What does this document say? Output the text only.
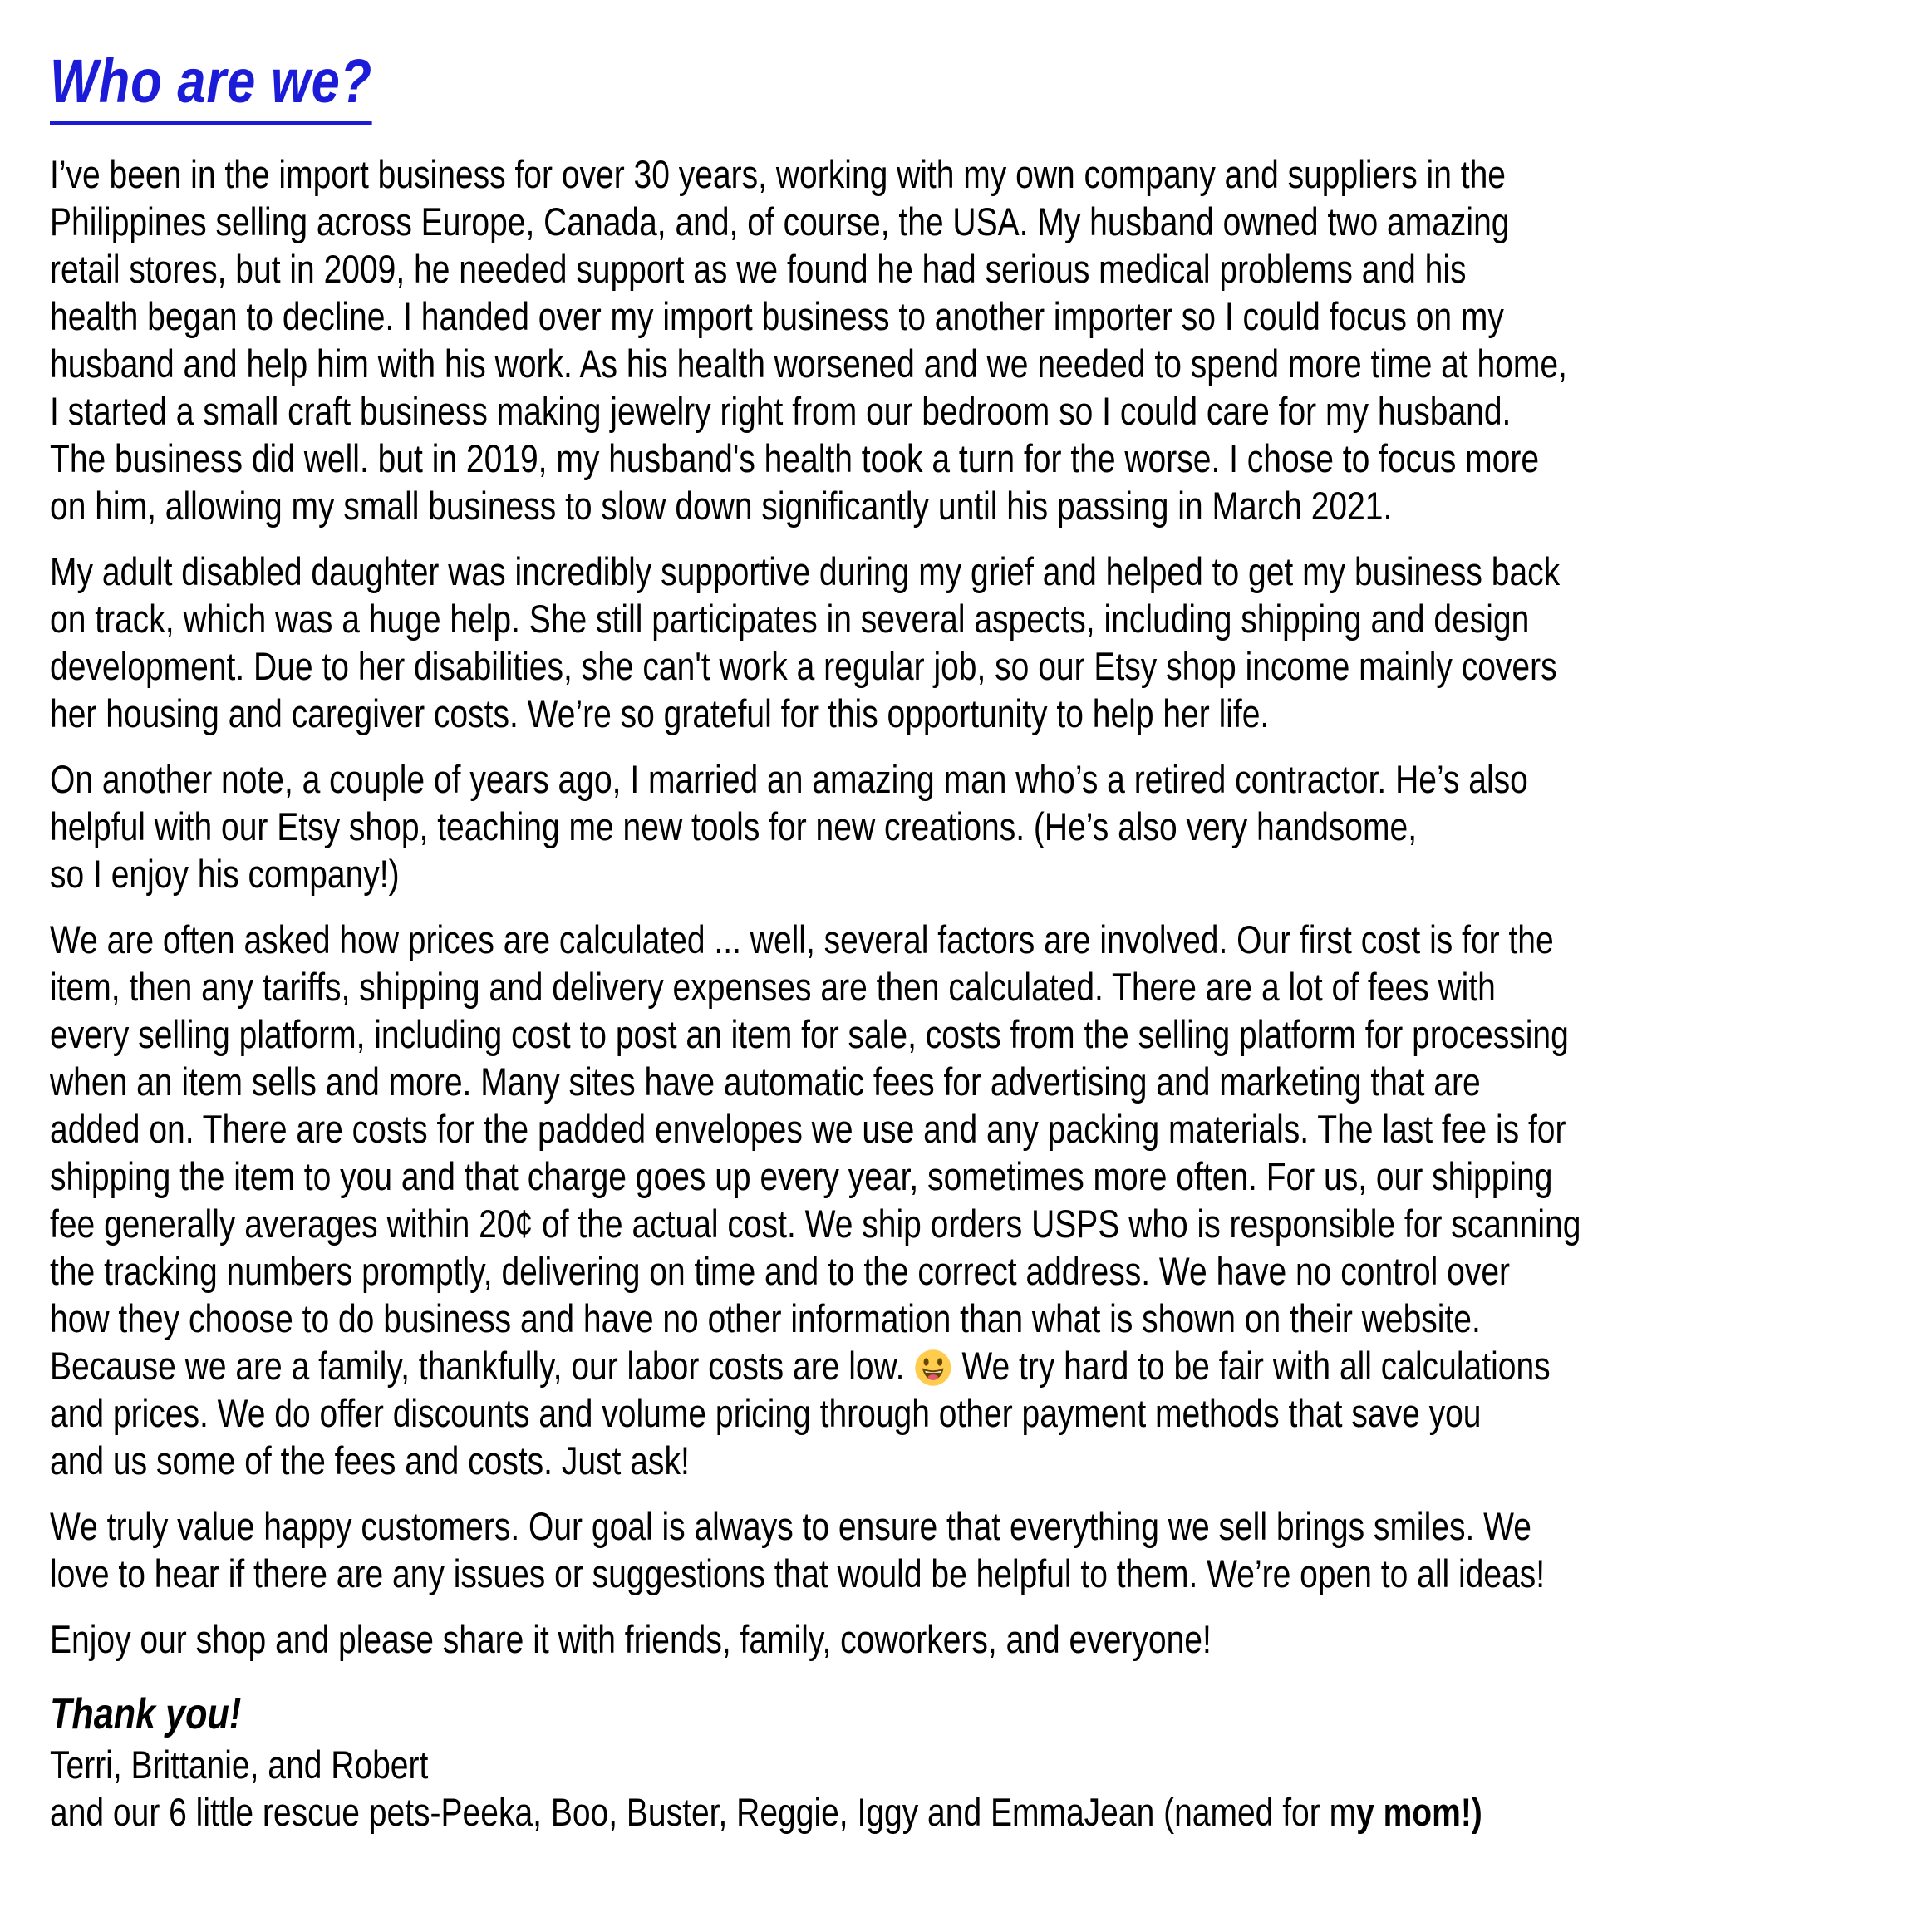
Who are we?

I’ve been in the import business for over 30 years, working with my own company and suppliers in the
Philippines selling across Europe, Canada, and, of course, the USA. My husband owned two amazing
retail stores, but in 2009, he needed support as we found he had serious medical problems and his
health began to decline. I handed over my import business to another importer so I could focus on my
husband and help him with his work. As his health worsened and we needed to spend more time at home,
I started a small craft business making jewelry right from our bedroom so I could care for my husband.
The business did well. but in 2019, my husband's health took a turn for the worse. I chose to focus more
on him, allowing my small business to slow down significantly until his passing in March 2021.

My adult disabled daughter was incredibly supportive during my grief and helped to get my business back
on track, which was a huge help. She still participates in several aspects, including shipping and design
development. Due to her disabilities, she can't work a regular job, so our Etsy shop income mainly covers
her housing and caregiver costs. We’re so grateful for this opportunity to help her life.

On another note, a couple of years ago, I married an amazing man who’s a retired contractor. He’s also
helpful with our Etsy shop, teaching me new tools for new creations. (He’s also very handsome,
so I enjoy his company!)

We are often asked how prices are calculated ... well, several factors are involved. Our first cost is for the
item, then any tariffs, shipping and delivery expenses are then calculated. There are a lot of fees with
every selling platform, including cost to post an item for sale, costs from the selling platform for processing
when an item sells and more. Many sites have automatic fees for advertising and marketing that are
added on. There are costs for the padded envelopes we use and any packing materials. The last fee is for
shipping the item to you and that charge goes up every year, sometimes more often. For us, our shipping
fee generally averages within 20¢ of the actual cost. We ship orders USPS who is responsible for scanning
the tracking numbers promptly, delivering on time and to the correct address. We have no control over
how they choose to do business and have no other information than what is shown on their website.
Because we are a family, thankfully, our labor costs are low. We try hard to be fair with all calculations
and prices. We do offer discounts and volume pricing through other payment methods that save you
and us some of the fees and costs. Just ask!

We truly value happy customers. Our goal is always to ensure that everything we sell brings smiles. We
love to hear if there are any issues or suggestions that would be helpful to them. We’re open to all ideas!

Enjoy our shop and please share it with friends, family, coworkers, and everyone!

Thank you!
Terri, Brittanie, and Robert
and our 6 little rescue pets-Peeka, Boo, Buster, Reggie, Iggy and EmmaJean (named for my mom!)
